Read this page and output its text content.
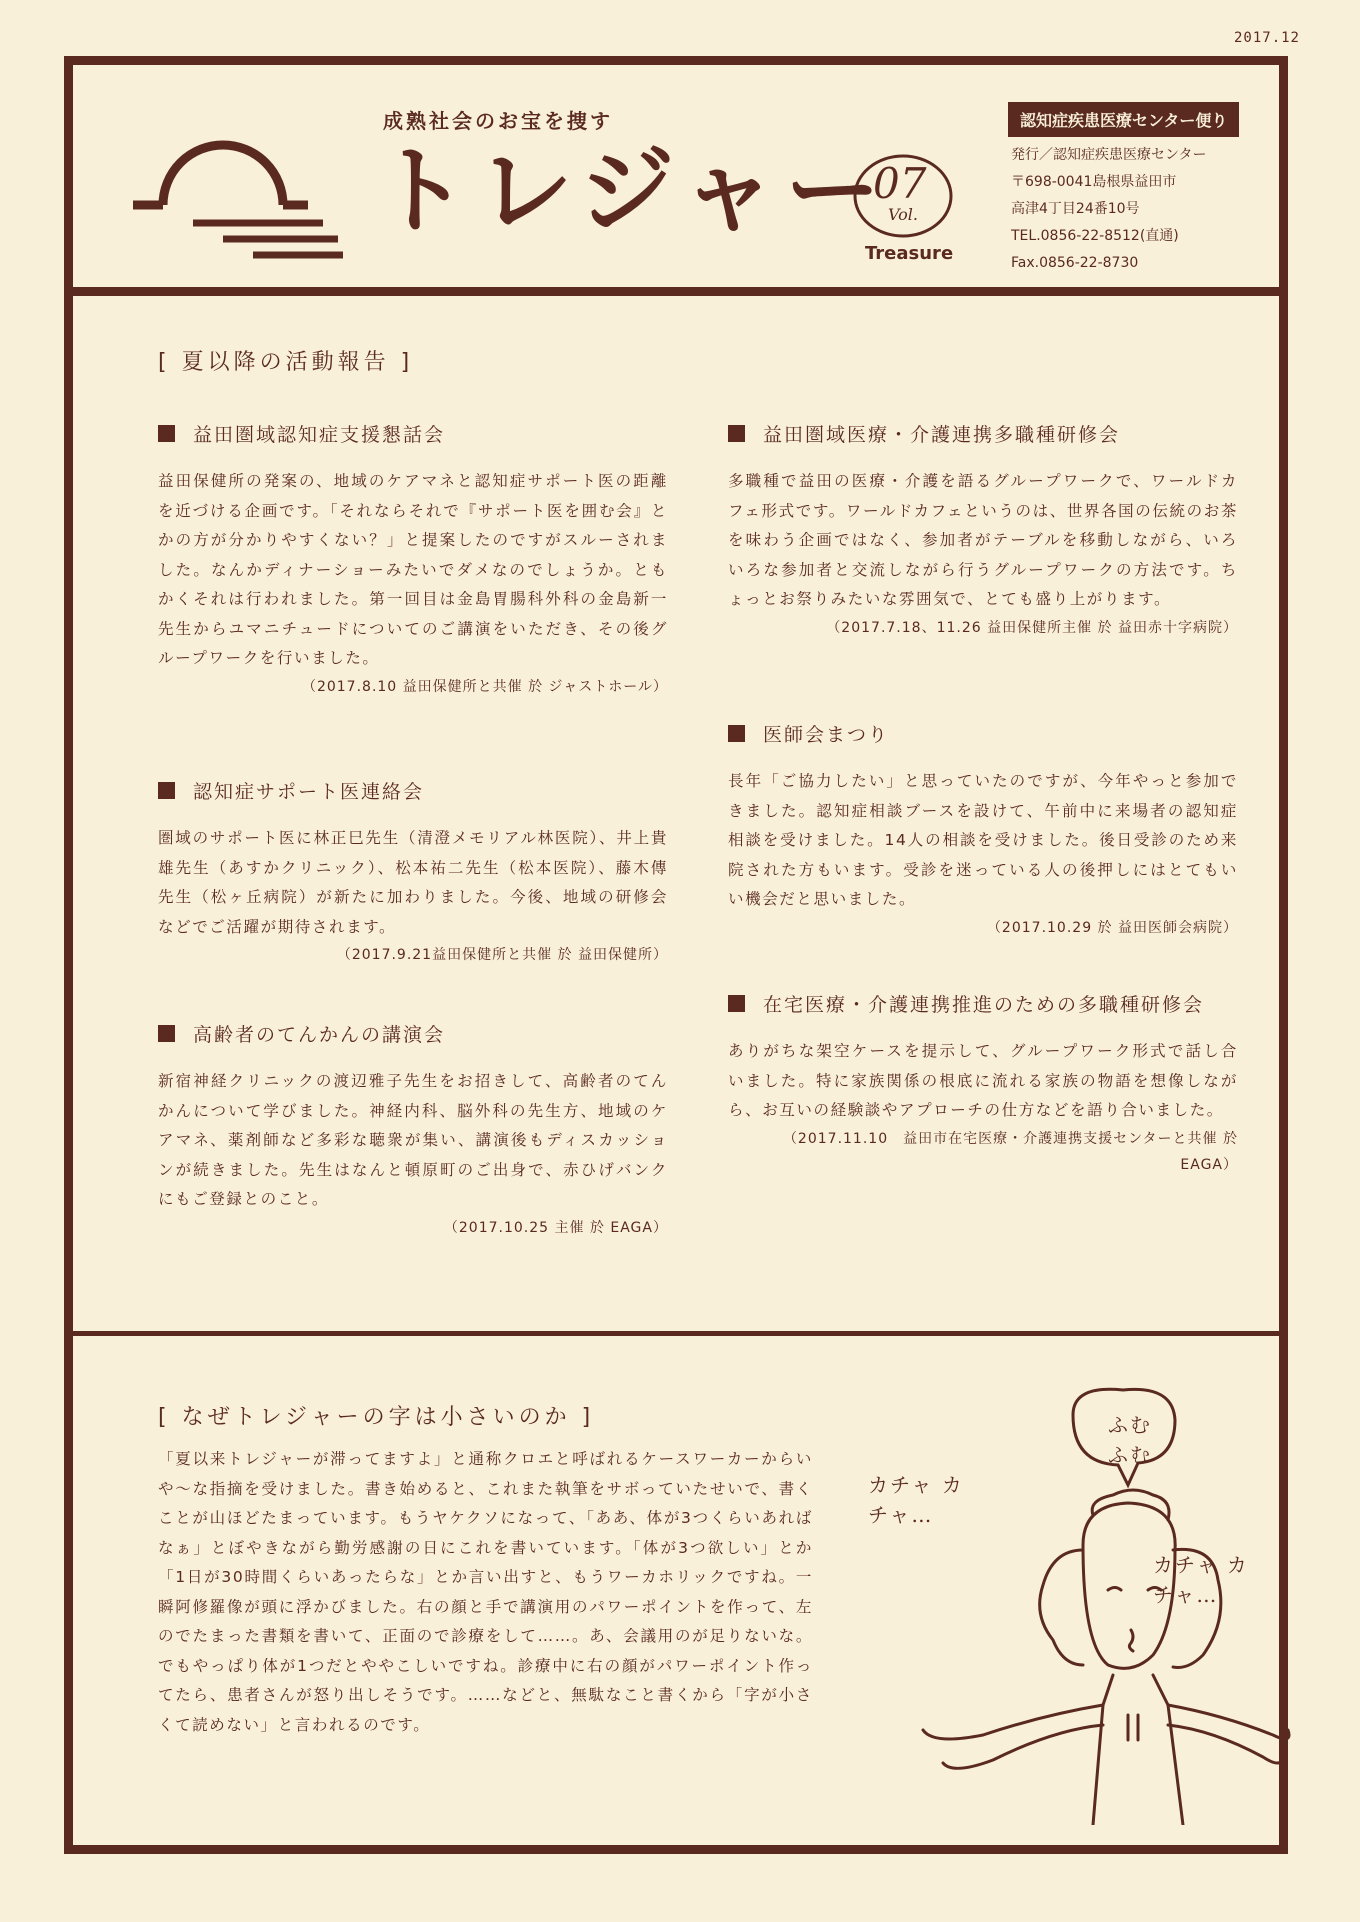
2017.12
成熟社会のお宝を捜す
トレジャー
Treasure
07
Vol.
認知症疾患医療センター便り
発行／認知症疾患医療センター
〒698-0041島根県益田市
高津4丁目24番10号
TEL.0856-22-8512(直通)
Fax.0856-22-8730
[ 夏以降の活動報告 ]
益田圏域認知症支援懇話会
益田保健所の発案の、地域のケアマネと認知症サポート医の距離を近づける企画です。「それならそれで『サポート医を囲む会』とかの方が分かりやすくない？」と提案したのですがスルーされました。なんかディナーショーみたいでダメなのでしょうか。ともかくそれは行われました。第一回目は金島胃腸科外科の金島新一先生からユマニチュードについてのご講演をいただき、その後グループワークを行いました。
（2017.8.10 益田保健所と共催 於 ジャストホール）
認知症サポート医連絡会
圏域のサポート医に林正巳先生（清澄メモリアル林医院）、井上貴雄先生（あすかクリニック）、松本祐二先生（松本医院）、藤木傳先生（松ヶ丘病院）が新たに加わりました。今後、地域の研修会などでご活躍が期待されます。
（2017.9.21益田保健所と共催 於 益田保健所）
高齢者のてんかんの講演会
新宿神経クリニックの渡辺雅子先生をお招きして、高齢者のてんかんについて学びました。神経内科、脳外科の先生方、地域のケアマネ、薬剤師など多彩な聴衆が集い、講演後もディスカッションが続きました。先生はなんと頓原町のご出身で、赤ひげバンクにもご登録とのこと。
（2017.10.25 主催 於 EAGA）
益田圏域医療・介護連携多職種研修会
多職種で益田の医療・介護を語るグループワークで、ワールドカフェ形式です。ワールドカフェというのは、世界各国の伝統のお茶を味わう企画ではなく、参加者がテーブルを移動しながら、いろいろな参加者と交流しながら行うグループワークの方法です。ちょっとお祭りみたいな雰囲気で、とても盛り上がります。
（2017.7.18、11.26 益田保健所主催 於 益田赤十字病院）
医師会まつり
長年「ご協力したい」と思っていたのですが、今年やっと参加できました。認知症相談ブースを設けて、午前中に来場者の認知症相談を受けました。14人の相談を受けました。後日受診のため来院された方もいます。受診を迷っている人の後押しにはとてもいい機会だと思いました。
（2017.10.29 於 益田医師会病院）
在宅医療・介護連携推進のための多職種研修会
ありがちな架空ケースを提示して、グループワーク形式で話し合いました。特に家族関係の根底に流れる家族の物語を想像しながら、お互いの経験談やアプローチの仕方などを語り合いました。
（2017.11.10　益田市在宅医療・介護連携支援センターと共催 於 EAGA）
[ なぜトレジャーの字は小さいのか ]
「夏以来トレジャーが滞ってますよ」と通称クロエと呼ばれるケースワーカーからいや～な指摘を受けました。書き始めると、これまた執筆をサボっていたせいで、書くことが山ほどたまっています。もうヤケクソになって、「ああ、体が3つくらいあればなぁ」とぼやきながら勤労感謝の日にこれを書いています。「体が3つ欲しい」とか「1日が30時間くらいあったらな」とか言い出すと、もうワーカホリックですね。一瞬阿修羅像が頭に浮かびました。右の顔と手で講演用のパワーポイントを作って、左のでたまった書類を書いて、正面ので診療をして……。あ、会議用のが足りないな。でもやっぱり体が1つだとややこしいですね。診療中に右の顔がパワーポイント作ってたら、患者さんが怒り出しそうです。……などと、無駄なこと書くから「字が小さくて読めない」と言われるのです。
ふむ ふむ
カチャ カチャ…
カチャ カチャ…
